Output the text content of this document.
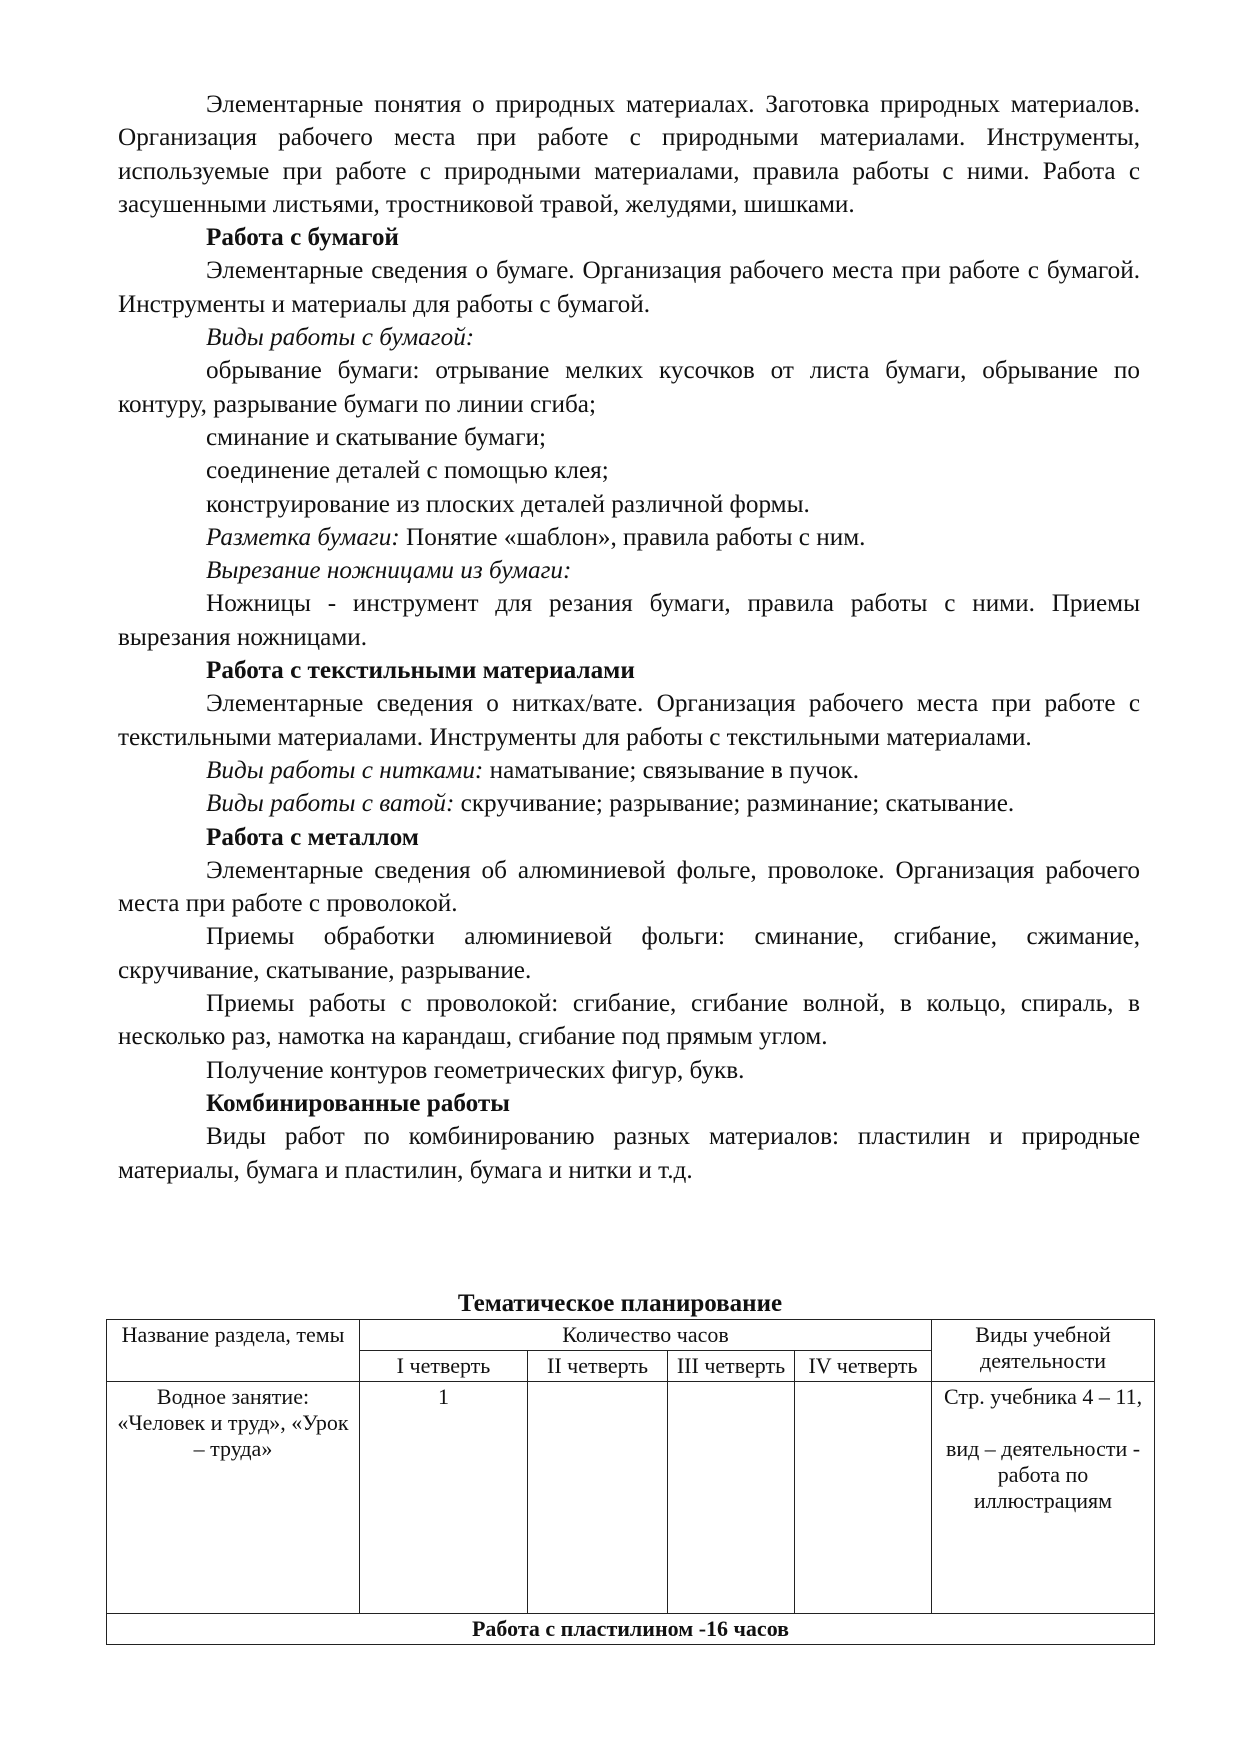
Элементарные понятия о природных материалах. Заготовка природных материалов. Организация рабочего места при работе с природными материалами. Инструменты, используемые при работе с природными материалами, правила работы с ними. Работа с засушенными листьями, тростниковой травой, желудями, шишками.

Работа с бумагой

Элементарные сведения о бумаге. Организация рабочего места при работе с бумагой. Инструменты и материалы для работы с бумагой.

Виды работы с бумагой:

обрывание бумаги: отрывание мелких кусочков от листа бумаги, обрывание по контуру, разрывание бумаги по линии сгиба;

сминание и скатывание бумаги;

соединение деталей с помощью клея;

конструирование из плоских деталей различной формы.

Разметка бумаги: Понятие «шаблон», правила работы с ним.

Вырезание ножницами из бумаги:

Ножницы - инструмент для резания бумаги, правила работы с ними. Приемы вырезания ножницами.

Работа с текстильными материалами

Элементарные сведения о нитках/вате. Организация рабочего места при работе с текстильными материалами. Инструменты для работы с текстильными материалами.

Виды работы с нитками: наматывание; связывание в пучок.

Виды работы с ватой: скручивание; разрывание; разминание; скатывание.

Работа с металлом

Элементарные сведения об алюминиевой фольге, проволоке. Организация рабочего места при работе с проволокой.

Приемы обработки алюминиевой фольги: сминание, сгибание, сжимание, скручивание, скатывание, разрывание.

Приемы работы с проволокой: сгибание, сгибание волной, в кольцо, спираль, в несколько раз, намотка на карандаш, сгибание под прямым углом.

Получение контуров геометрических фигур, букв.

Комбинированные работы

Виды работ по комбинированию разных материалов: пластилин и природные материалы, бумага и пластилин, бумага и нитки и т.д.

Тематическое планирование
Название раздела, темы	Количество часов				Виды учебной деятельности
	I четверть	II четверть	III четверть	IV четверть	
Водное занятие: «Человек и труд», «Урок – труда»	1				Стр. учебника 4 – 11,
вид – деятельности - работа по иллюстрациям

Работа с пластилином -16 часов					
